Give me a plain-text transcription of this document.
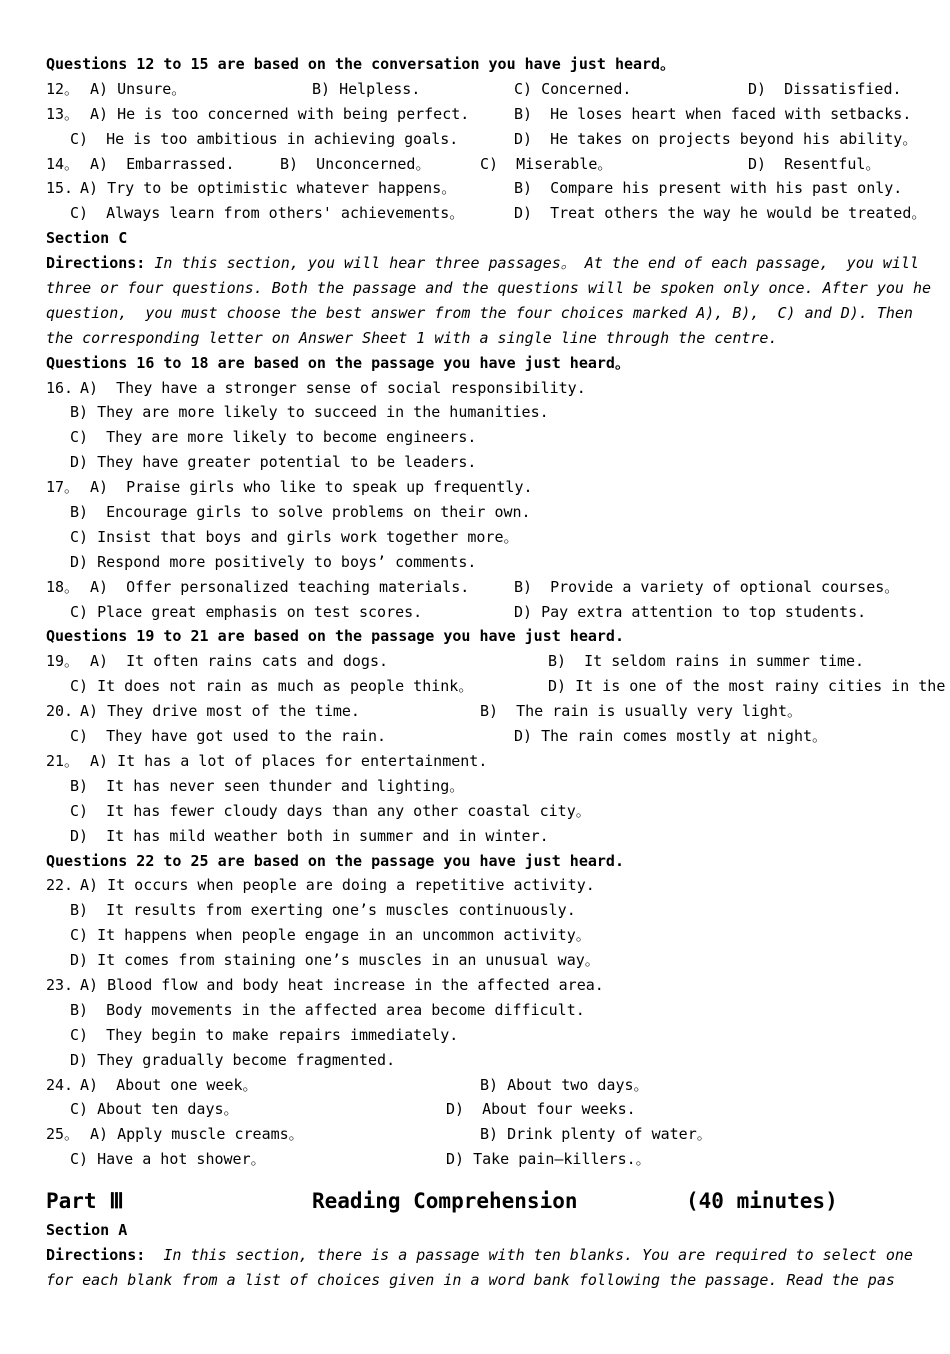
Questions 12 to 15 are based on the conversation you have just heard。

12。

A) Unsure。

	B) Helpless.

	C) Concerned.

	D)  Dissatisfied.

13。

A) He is too concerned with being perfect.

	B)  He loses heart when faced with setbacks.

C)  He is too ambitious in achieving goals.

	D)  He takes on projects beyond his ability。

14。

A)  Embarrassed.

	B)  Unconcerned。

	C)  Miserable。

	D)  Resentful。

15.

A) Try to be optimistic whatever happens。

	B)  Compare his present with his past only.

C)  Always learn from others' achievements。

	D)  Treat others the way he would be treated。

Section C
Directions: In this section, you will hear three passages。 At the end of each passage,  you will
three or four questions. Both the passage and the questions will be spoken only once. After you he
question,  you must choose the best answer from the four choices marked A), B),  C) and D). Then
the corresponding letter on Answer Sheet 1 with a single line through the centre.
Questions 16 to 18 are based on the passage you have just heard。

16.

A)  They have a stronger sense of social responsibility.

B) They are more likely to succeed in the humanities.
C)  They are more likely to become engineers.
D) They have greater potential to be leaders.

17。

A)  Praise girls who like to speak up frequently.

B)  Encourage girls to solve problems on their own.
C) Insist that boys and girls work together more。
D) Respond more positively to boys’ comments.

18。

A)  Offer personalized teaching materials.

	B)  Provide a variety of optional courses。

C) Place great emphasis on test scores.

	D) Pay extra attention to top students.

Questions 19 to 21 are based on the passage you have just heard.

19。

A)  It often rains cats and dogs.

	B)  It seldom rains in summer time.

C) It does not rain as much as people think。

	D) It is one of the most rainy cities in the

20.

A) They drive most of the time.

	B)  The rain is usually very light。

C)  They have got used to the rain.

	D) The rain comes mostly at night。

21。

A) It has a lot of places for entertainment.

B)  It has never seen thunder and lighting。
C)  It has fewer cloudy days than any other coastal city。
D)  It has mild weather both in summer and in winter.
Questions 22 to 25 are based on the passage you have just heard.

22.

A) It occurs when people are doing a repetitive activity.

B)  It results from exerting one’s muscles continuously.
C) It happens when people engage in an uncommon activity。
D) It comes from staining one’s muscles in an unusual way。

23.

A) Blood flow and body heat increase in the affected area.

B)  Body movements in the affected area become difficult.
C)  They begin to make repairs immediately.
D) They gradually become fragmented.

24.

A)  About one week。

	B) About two days。

C) About ten days。

	D)  About four weeks.

25。

A) Apply muscle creams。

	B) Drink plenty of water。

C) Have a hot shower。

	D) Take pain—killers.。

Part Ⅲ

	Reading Comprehension

	(40 minutes)

Section A
Directions:  In this section, there is a passage with ten blanks. You are required to select one
for each blank from a list of choices given in a word bank following the passage. Read the pas
